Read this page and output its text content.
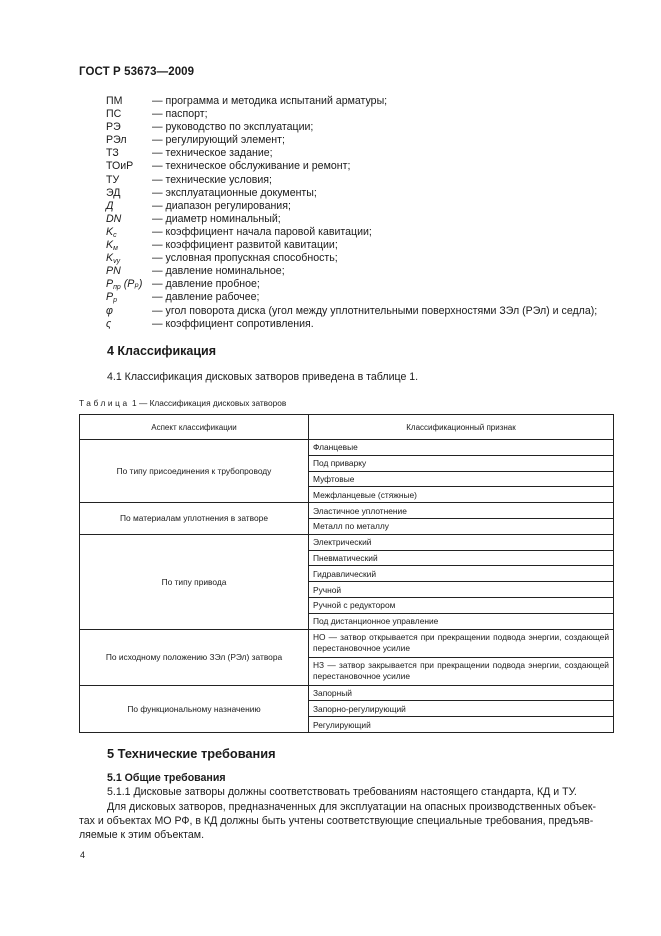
ГОСТ Р 53673—2009
ПМ	— программа и методика испытаний арматуры;
ПС	— паспорт;
РЭ	— руководство по эксплуатации;
РЭл — регулирующий элемент;
ТЗ	— техническое задание;
ТОиР — техническое обслуживание и ремонт;
ТУ	— технические условия;
ЭД	— эксплуатационные документы;
Д	— диапазон регулирования;
DN	— диаметр номинальный;
Kc	— коэффициент начала паровой кавитации;
Kм	— коэффициент развитой кавитации;
Kvy	— условная пропускная способность;
PN	— давление номинальное;
Pпр (Pₚ) — давление пробное;
Pр	— давление рабочее;
φ	— угол поворота диска (угол между уплотнительными поверхностями ЗЭл (РЭл) и седла);
ς	— коэффициент сопротивления.
4 Классификация
4.1 Классификация дисковых затворов приведена в таблице 1.
Таблица 1 — Классификация дисковых затворов
Аспект классификации	Классификационный признак
По типу присоединения к трубопроводу	Фланцевые
	Под приварку
	Муфтовые
	Межфланцевые (стяжные)
По материалам уплотнения в затворе	Эластичное уплотнение
	Металл по металлу
По типу привода	Электрический
	Пневматический
	Гидравлический
	Ручной
	Ручной с редуктором
	Под дистанционное управление
По исходному положению ЗЭл (РЭл) затвора	НО — затвор открывается при прекращении подвода энергии, создающей перестановочное усилие
	НЗ — затвор закрывается при прекращении подвода энергии, создающей перестановочное усилие
По функциональному назначению	Запорный
	Запорно-регулирующий
	Регулирующий
5 Технические требования
5.1 Общие требования
5.1.1 Дисковые затворы должны соответствовать требованиям настоящего стандарта, КД и ТУ.
Для дисковых затворов, предназначенных для эксплуатации на опасных производственных объек-
тах и объектах МО РФ, в КД должны быть учтены соответствующие специальные требования, предъяв-
ляемые к этим объектам.
4
